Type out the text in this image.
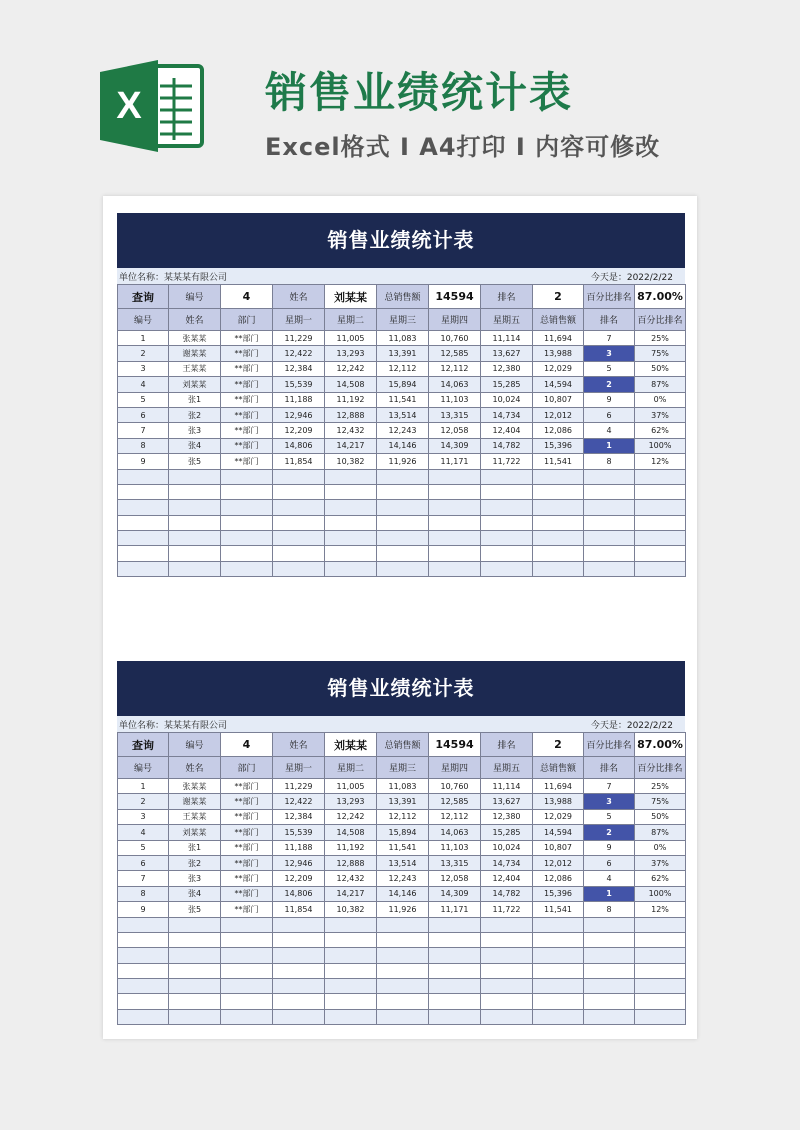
X	销售业绩统计表
Excel格式 I A4打印 I 内容可修改
销售业绩统计表
单位名称：某某某有限公司	今天是：2022/2/22
查询	编号	4	姓名	刘某某	总销售额	14594	排名	2	百分比排名	87.00%
编号	姓名	部门	星期一	星期二	星期三	星期四	星期五	总销售额	排名	百分比排名
1	张某某	**部门	11,229	11,005	11,083	10,760	11,114	11,694	7	25%
2	谢某某	**部门	12,422	13,293	13,391	12,585	13,627	13,988	3	75%
3	王某某	**部门	12,384	12,242	12,112	12,112	12,380	12,029	5	50%
4	刘某某	**部门	15,539	14,508	15,894	14,063	15,285	14,594	2	87%
5	张1	**部门	11,188	11,192	11,541	11,103	10,024	10,807	9	0%
6	张2	**部门	12,946	12,888	13,514	13,315	14,734	12,012	6	37%
7	张3	**部门	12,209	12,432	12,243	12,058	12,404	12,086	4	62%
8	张4	**部门	14,806	14,217	14,146	14,309	14,782	15,396	1	100%
9	张5	**部门	11,854	10,382	11,926	11,171	11,722	11,541	8	12%

销售业绩统计表
单位名称：某某某有限公司	今天是：2022/2/22
查询	编号	4	姓名	刘某某	总销售额	14594	排名	2	百分比排名	87.00%
编号	姓名	部门	星期一	星期二	星期三	星期四	星期五	总销售额	排名	百分比排名
1	张某某	**部门	11,229	11,005	11,083	10,760	11,114	11,694	7	25%
2	谢某某	**部门	12,422	13,293	13,391	12,585	13,627	13,988	3	75%
3	王某某	**部门	12,384	12,242	12,112	12,112	12,380	12,029	5	50%
4	刘某某	**部门	15,539	14,508	15,894	14,063	15,285	14,594	2	87%
5	张1	**部门	11,188	11,192	11,541	11,103	10,024	10,807	9	0%
6	张2	**部门	12,946	12,888	13,514	13,315	14,734	12,012	6	37%
7	张3	**部门	12,209	12,432	12,243	12,058	12,404	12,086	4	62%
8	张4	**部门	14,806	14,217	14,146	14,309	14,782	15,396	1	100%
9	张5	**部门	11,854	10,382	11,926	11,171	11,722	11,541	8	12%
